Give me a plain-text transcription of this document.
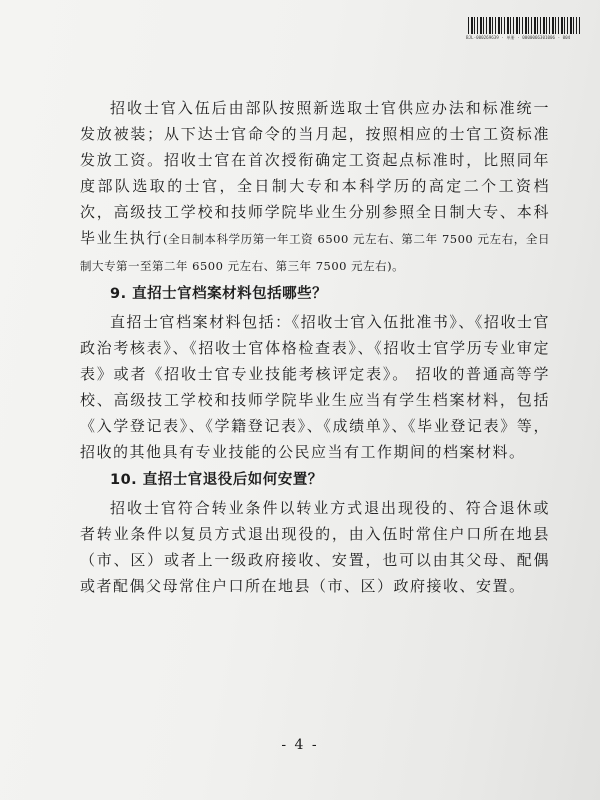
BJL-000269639 · 单册 · 0000066301006 · 004

招收士官入伍后由部队按照新选取士官供应办法和标准统一发放被装；从下达士官命令的当月起，按照相应的士官工资标准发放工资。招收士官在首次授衔确定工资起点标准时，比照同年度部队选取的士官，全日制大专和本科学历的高定二个工资档次，高级技工学校和技师学院毕业生分别参照全日制大专、本科毕业生执行(全日制本科学历第一年工资 6500 元左右、第二年 7500 元左右，全日制大专第一至第二年 6500 元左右、第三年 7500 元左右)。

9. 直招士官档案材料包括哪些？

直招士官档案材料包括：《招收士官入伍批准书》、《招收士官政治考核表》、《招收士官体格检查表》、《招收士官学历专业审定表》或者《招收士官专业技能考核评定表》。 招收的普通高等学校、高级技工学校和技师学院毕业生应当有学生档案材料，包括《入学登记表》、《学籍登记表》、《成绩单》、《毕业登记表》等，招收的其他具有专业技能的公民应当有工作期间的档案材料。

10. 直招士官退役后如何安置？

招收士官符合转业条件以转业方式退出现役的、符合退休或者转业条件以复员方式退出现役的，由入伍时常住户口所在地县（市、区）或者上一级政府接收、安置，也可以由其父母、配偶或者配偶父母常住户口所在地县（市、区）政府接收、安置。

- 4 -
